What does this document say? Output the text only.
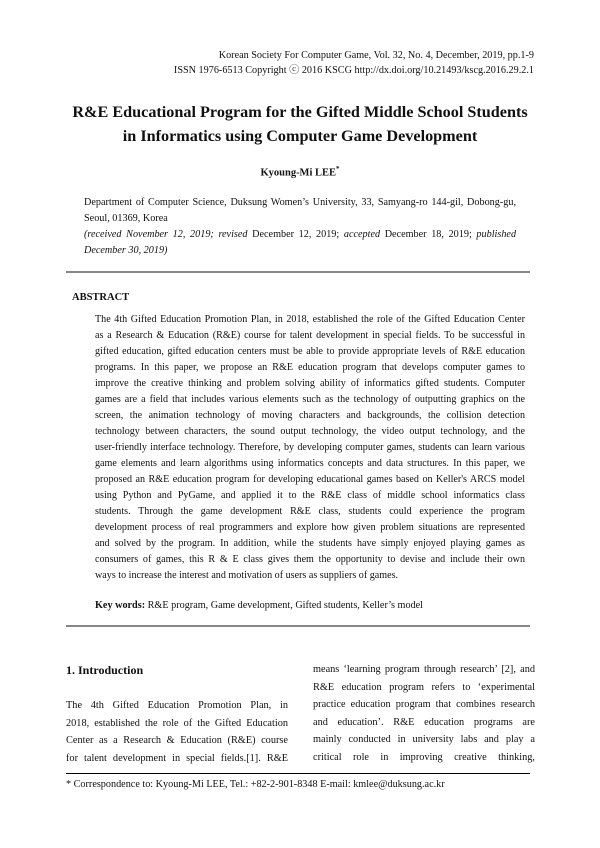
Korean Society For Computer Game, Vol. 32, No. 4, December, 2019, pp.1-9
ISSN 1976-6513 Copyright ⓒ 2016 KSCG http://dx.doi.org/10.21493/kscg.2016.29.2.1
R&E Educational Program for the Gifted Middle School Students
in Informatics using Computer Game Development
Kyoung-Mi LEE*
Department of Computer Science, Duksung Women’s University, 33, Samyang-ro 144-gil, Dobong-gu,
Seoul, 01369, Korea
(received November 12, 2019; revised December 12, 2019; accepted December 18, 2019; published
December 30, 2019)
ABSTRACT
The 4th Gifted Education Promotion Plan, in 2018, established the role of the Gifted Education Center
as a Research & Education (R&E) course for talent development in special fields. To be successful in
gifted education, gifted education centers must be able to provide appropriate levels of R&E education
programs. In this paper, we propose an R&E education program that develops computer games to
improve the creative thinking and problem solving ability of informatics gifted students. Computer
games are a field that includes various elements such as the technology of outputting graphics on the
screen, the animation technology of moving characters and backgrounds, the collision detection
technology between characters, the sound output technology, the video output technology, and the
user-friendly interface technology. Therefore, by developing computer games, students can learn various
game elements and learn algorithms using informatics concepts and data structures. In this paper, we
proposed an R&E education program for developing educational games based on Keller's ARCS model
using Python and PyGame, and applied it to the R&E class of middle school informatics class
students. Through the game development R&E class, students could experience the program
development process of real programmers and explore how given problem situations are represented
and solved by the program. In addition, while the students have simply enjoyed playing games as
consumers of games, this R & E class gives them the opportunity to devise and include their own
ways to increase the interest and motivation of users as suppliers of games.
Key words: R&E program, Game development, Gifted students, Keller’s model
1. Introduction
The 4th Gifted Education Promotion Plan, in
2018, established the role of the Gifted Education
Center as a Research & Education (R&E) course
for talent development in special fields.[1]. R&E
means ‘learning program through research’ [2], and
R&E education program refers to ‘experimental
practice education program that combines research
and education’. R&E education programs are
mainly conducted in university labs and play a
critical role in improving creative thinking,
* Correspondence to: Kyoung-Mi LEE, Tel.: +82-2-901-8348 E-mail: kmlee@duksung.ac.kr
